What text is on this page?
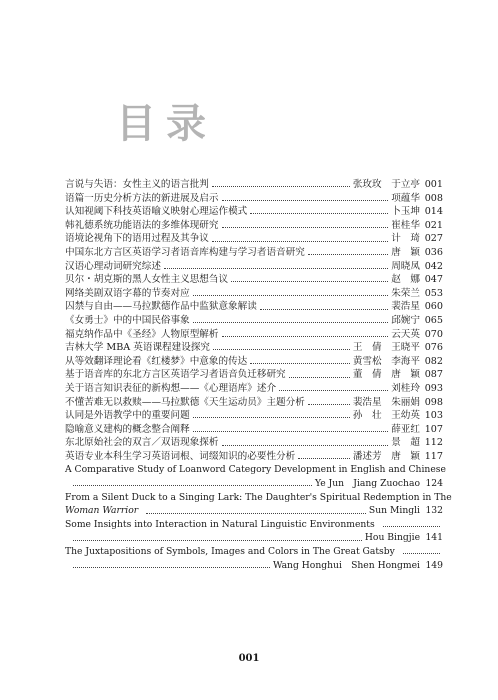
目录
言说与失语：女性主义的语言批判	张玫玫　于立亭 001
语篇一历史分析方法的新进展及启示	项蕴华 008
认知视阈下科技英语喻义映射心理运作模式	卜玉坤 014
韩礼德系统功能语法的多维体现研究	崔桂华 021
语境论视角下的语用过程及其争议	计　琦 027
中国东北方言区英语学习者语音库构建与学习者语音研究	唐　颖 036
汉语心理动词研究综述	周晓凤 042
贝尔・胡克斯的黑人女性主义思想刍议	赵　娜 047
网络美剧双语字幕的节奏对应	朱荣兰 053
囚禁与自由——马拉默德作品中监狱意象解读	裴浩星 060
《女勇士》中的中国民俗事象	邱婉宁 065
福克纳作品中《圣经》人物原型解析	云天英 070
吉林大学 MBA 英语课程建设探究	王　倩　王晓平 076
从等效翻译理论看《红楼梦》中意象的传达	黄雪松　李海平 082
基于语音库的东北方言区英语学习者语音负迁移研究	董　倩　唐　颖 087
关于语言知识表征的新构想——《心理语库》述介	刘桂玲 093
不懂苦难无以救赎——马拉默德《天生运动员》主题分析	裴浩星　朱丽娟 098
认同是外语教学中的重要问题	孙　壮　王幼英 103
隐喻意义建构的概念整合阐释	薛亚红 107
东北原始社会的双言／双语现象探析	景　超 112
英语专业本科生学习英语词根、词缀知识的必要性分析	潘述芳　唐　颖 117
A Comparative Study of Loanword Category Development in English and Chinese
Ye Jun　Jiang Zuochao 124
From a Silent Duck to a Singing Lark: The Daughter's Spiritual Redemption in The
Woman Warrior	Sun Mingli 132
Some Insights into Interaction in Natural Linguistic Environments
Hou Bingjie 141
The Juxtapositions of Symbols, Images and Colors in The Great Gatsby
Wang Honghui　Shen Hongmei 149
001
